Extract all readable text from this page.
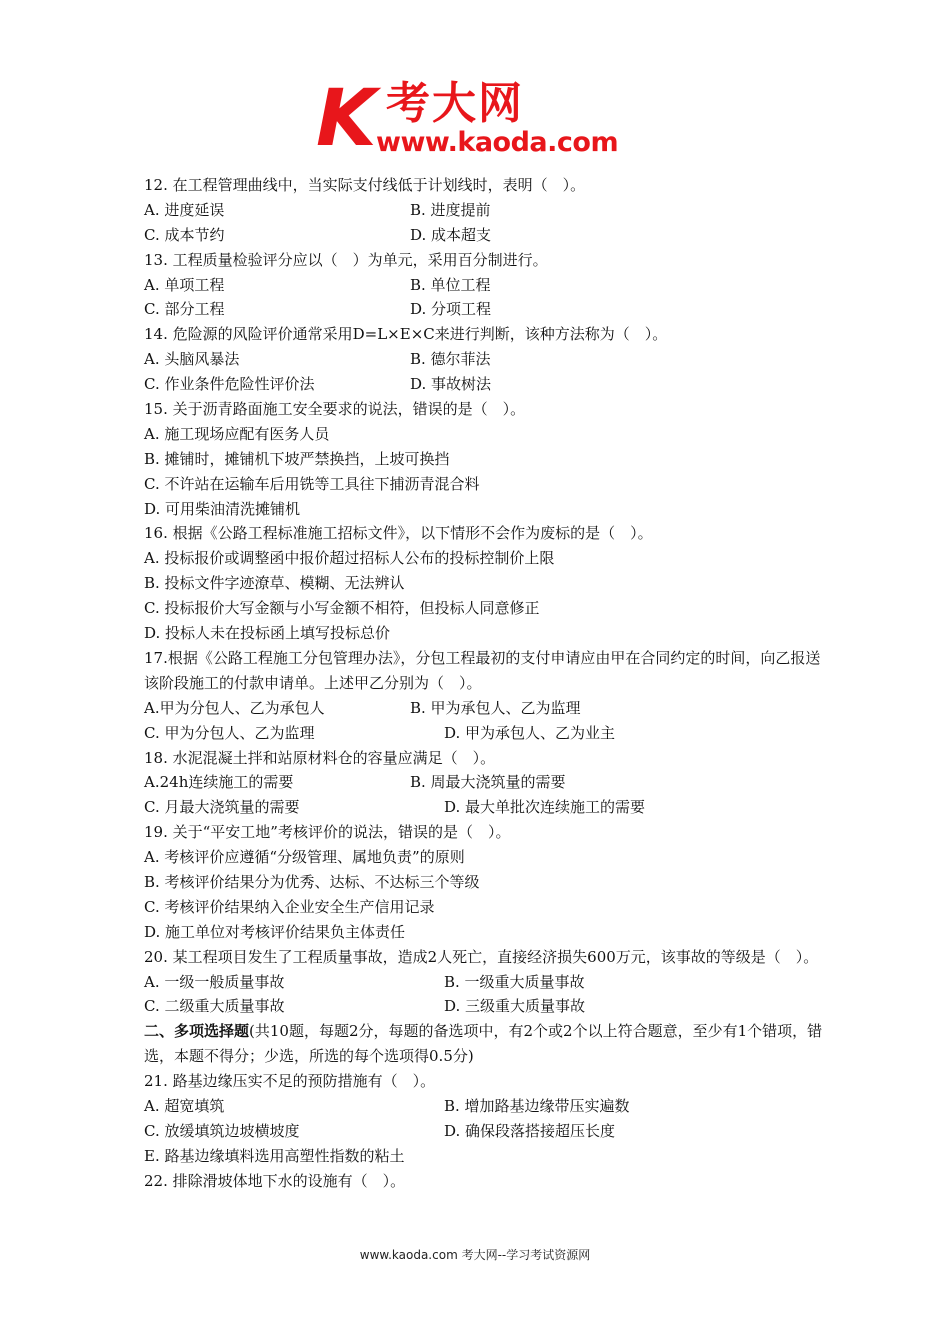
K 考大网
www.kaoda.com
12. 在工程管理曲线中，当实际支付线低于计划线时，表明（　）。
A. 进度延误	B. 进度提前
C. 成本节约	D. 成本超支
13. 工程质量检验评分应以（　）为单元，采用百分制进行。
A. 单项工程	B. 单位工程
C. 部分工程	D. 分项工程
14. 危险源的风险评价通常采用D=L×E×C来进行判断，该种方法称为（　）。
A. 头脑风暴法	B. 德尔菲法
C. 作业条件危险性评价法	D. 事故树法
15. 关于沥青路面施工安全要求的说法，错误的是（　）。
A. 施工现场应配有医务人员
B. 摊铺时，摊铺机下坡严禁换挡，上坡可换挡
C. 不许站在运输车后用铣等工具往下捕沥青混合料
D. 可用柴油清洗摊铺机
16. 根据《公路工程标准施工招标文件》，以下情形不会作为废标的是（　）。
A. 投标报价或调整函中报价超过招标人公布的投标控制价上限
B. 投标文件字迹潦草、模糊、无法辨认
C. 投标报价大写金额与小写金额不相符，但投标人同意修正
D. 投标人未在投标函上填写投标总价
17.根据《公路工程施工分包管理办法》，分包工程最初的支付申请应由甲在合同约定的时间，向乙报送该阶段施工的付款申请单。上述甲乙分别为（　）。
A.甲为分包人、乙为承包人	B. 甲为承包人、乙为监理
C. 甲为分包人、乙为监理	D. 甲为承包人、乙为业主
18. 水泥混凝土拌和站原材料仓的容量应满足（　）。
A.24h连续施工的需要	B. 周最大浇筑量的需要
C. 月最大浇筑量的需要	D. 最大单批次连续施工的需要
19. 关于“平安工地”考核评价的说法，错误的是（　）。
A. 考核评价应遵循“分级管理、属地负责”的原则
B. 考核评价结果分为优秀、达标、不达标三个等级
C. 考核评价结果纳入企业安全生产信用记录
D. 施工单位对考核评价结果负主体责任
20. 某工程项目发生了工程质量事故，造成2人死亡，直接经济损失600万元，该事故的等级是（　）。
A. 一级一般质量事故	B. 一级重大质量事故
C. 二级重大质量事故	D. 三级重大质量事故
二、多项选择题(共10题，每题2分，每题的备选项中，有2个或2个以上符合题意，至少有1个错项，错选，本题不得分；少选，所选的每个选项得0.5分)
21. 路基边缘压实不足的预防措施有（　）。
A. 超宽填筑	B. 增加路基边缘带压实遍数
C. 放缓填筑边坡横坡度	D. 确保段落搭接超压长度
E. 路基边缘填料选用高塑性指数的粘土
22. 排除滑坡体地下水的设施有（　）。
www.kaoda.com 考大网--学习考试资源网
